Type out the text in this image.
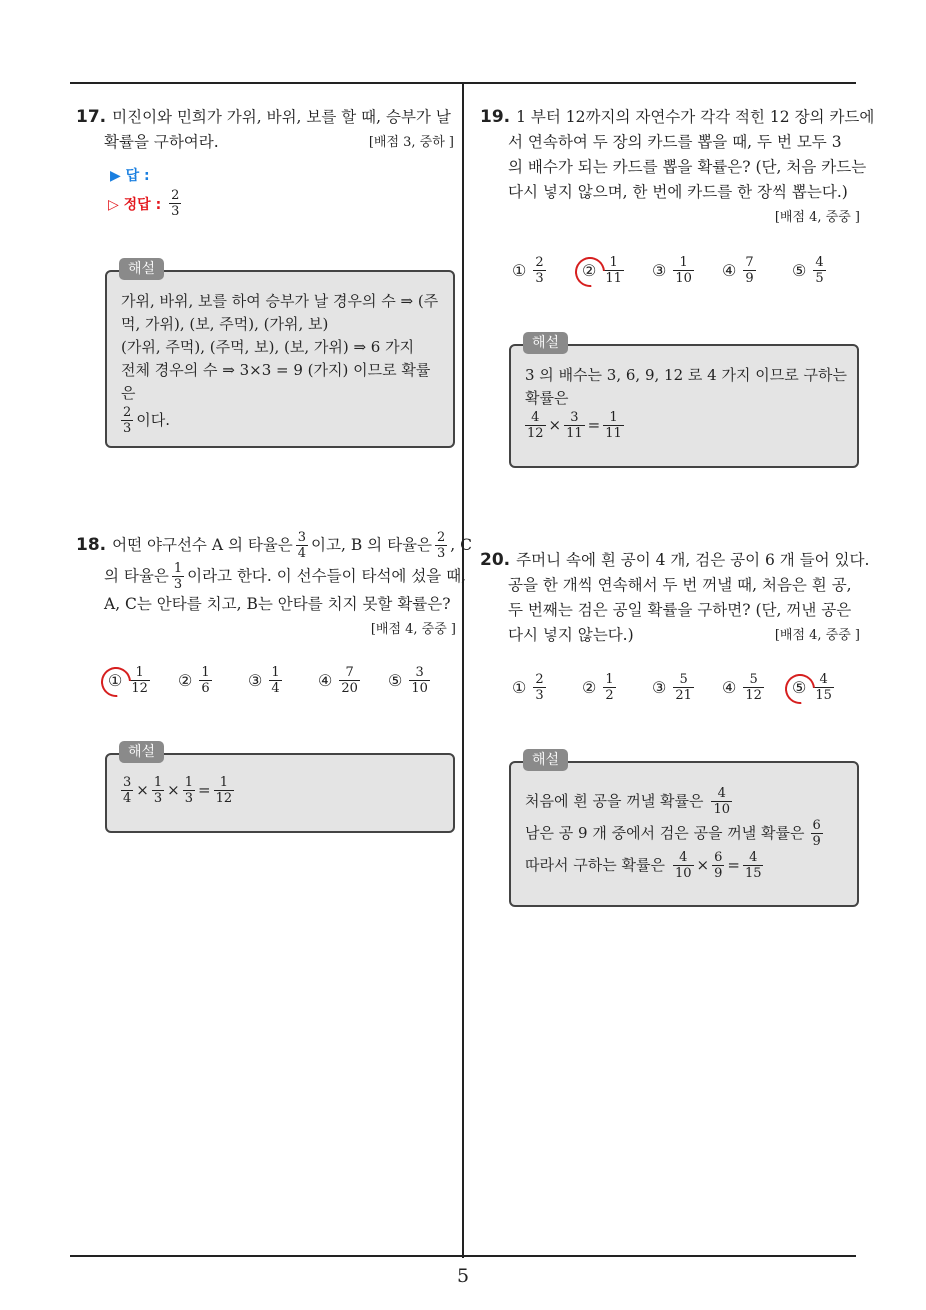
17. 미진이와 민희가 가위, 바위, 보를 할 때, 승부가 날
확률을 구하여라.	[배점 3, 중하 ]
▶ 답 :
▷ 정답 : $\frac{2}{3}$
해설
가위, 바위, 보를 하여 승부가 날 경우의 수 ⇒ (주
먹, 가위), (보, 주먹), (가위, 보)
(가위, 주먹), (주먹, 보), (보, 가위) ⇒ 6 가지
전체 경우의 수 ⇒ 3×3 = 9 (가지) 이므로 확률은
$\frac{2}{3}$ 이다.
18. 어떤 야구선수 A 의 타율은 $\frac{3}{4}$ 이고, B 의 타율은 $\frac{2}{3}$ , C
의 타율은 $\frac{1}{3}$ 이라고 한다. 이 선수들이 타석에 섰을 때,
A, C는 안타를 치고, B는 안타를 치지 못할 확률은?
[배점 4, 중중 ]
① $\frac{1}{12}$ ② $\frac{1}{6}$ ③ $\frac{1}{4}$ ④ $\frac{7}{20}$ ⑤ $\frac{3}{10}$
해설
$\frac{3}{4} \times \frac{1}{3} \times \frac{1}{3} = \frac{1}{12}$
19. 1 부터 12까지의 자연수가 각각 적힌 12 장의 카드에
서 연속하여 두 장의 카드를 뽑을 때, 두 번 모두 3
의 배수가 되는 카드를 뽑을 확률은? (단, 처음 카드는
다시 넣지 않으며, 한 번에 카드를 한 장씩 뽑는다.)
[배점 4, 중중 ]
① $\frac{2}{3}$ ② $\frac{1}{11}$ ③ $\frac{1}{10}$ ④ $\frac{7}{9}$ ⑤ $\frac{4}{5}$
해설
3 의 배수는 3, 6, 9, 12 로 4 가지 이므로 구하는
확률은
$\frac{4}{12} \times \frac{3}{11} = \frac{1}{11}$
20. 주머니 속에 흰 공이 4 개, 검은 공이 6 개 들어 있다.
공을 한 개씩 연속해서 두 번 꺼낼 때, 처음은 흰 공,
두 번째는 검은 공일 확률을 구하면? (단, 꺼낸 공은
다시 넣지 않는다.)	[배점 4, 중중 ]
① $\frac{2}{3}$ ② $\frac{1}{2}$ ③ $\frac{5}{21}$ ④ $\frac{5}{12}$ ⑤ $\frac{4}{15}$
해설
처음에 흰 공을 꺼낼 확률은 $\frac{4}{10}$
남은 공 9 개 중에서 검은 공을 꺼낼 확률은 $\frac{6}{9}$
따라서 구하는 확률은 $\frac{4}{10} \times \frac{6}{9} = \frac{4}{15}$
5
